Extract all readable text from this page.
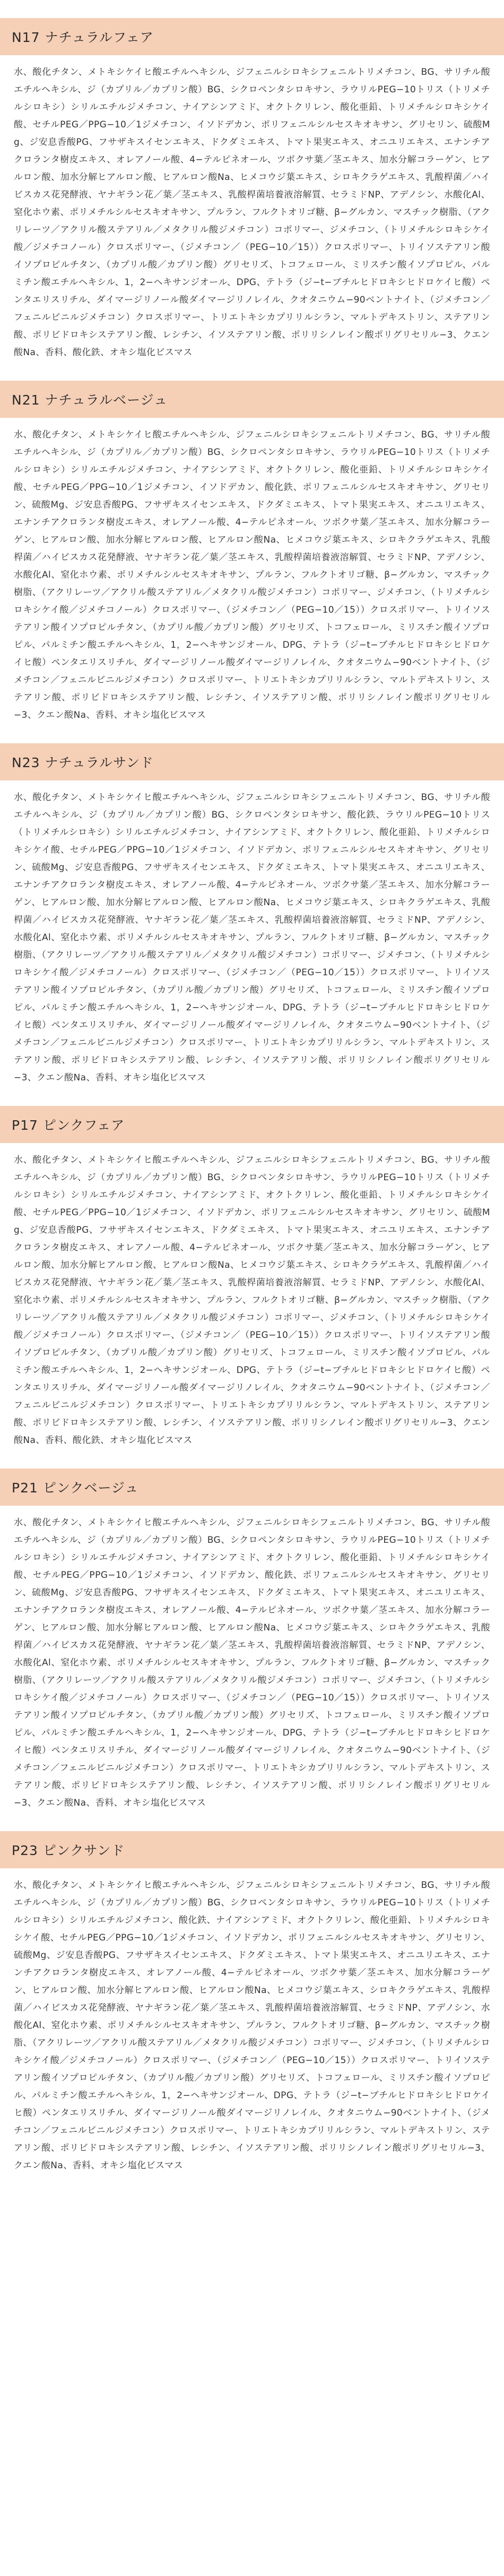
N17 ナチュラルフェア
水、酸化チタン、メトキシケイヒ酸エチルヘキシル、ジフェニルシロキシフェニルトリメチコン、BG、サリチル酸エチルヘキシル、ジ（カプリル／カプリン酸）BG、シクロペンタシロキサン、ラウリルPEG−10トリス（トリメチルシロキシ）シリルエチルジメチコン、ナイアシンアミド、オクトクリレン、酸化亜鉛、トリメチルシロキシケイ酸、セチルPEG／PPG−10／1ジメチコン、イソドデカン、ポリフェニルシルセスキオキサン、グリセリン、硫酸Mg、ジ安息香酸PG、フサザキスイセンエキス、ドクダミエキス、トマト果実エキス、オニユリエキス、エナンチアクロランタ樹皮エキス、オレアノール酸、4−テルピネオール、ツボクサ葉／茎エキス、加水分解コラーゲン、ヒアルロン酸、加水分解ヒアルロン酸、ヒアルロン酸Na、ヒメコウジ葉エキス、シロキクラゲエキス、乳酸桿菌／ハイビスカス花発酵液、ヤナギラン花／葉／茎エキス、乳酸桿菌培養液溶解質、セラミドNP、アデノシン、水酸化Al、窒化ホウ素、ポリメチルシルセスキオキサン、プルラン、フルクトオリゴ糖、β−グルカン、マスチック樹脂、（アクリレーツ／アクリル酸ステアリル／メタクリル酸ジメチコン）コポリマー、ジメチコン、（トリメチルシロキシケイ酸／ジメチコノール）クロスポリマー、（ジメチコン／（PEG−10／15））クロスポリマー、トリイソステアリン酸イソプロピルチタン、（カプリル酸／カプリン酸）グリセリズ、トコフェロール、ミリスチン酸イソプロピル、パルミチン酸エチルヘキシル、1，2−ヘキサンジオール、DPG、テトラ（ジ−t−ブチルヒドロキシヒドロケイヒ酸）ペンタエリスリチル、ダイマージリノール酸ダイマージリノレイル、クオタニウム−90ベントナイト、（ジメチコン／フェニルビニルジメチコン）クロスポリマー、トリエトキシカプリリルシラン、マルトデキストリン、ステアリン酸、ポリビドロキシステアリン酸、レシチン、イソステアリン酸、ポリリシノレイン酸ポリグリセリル−3、クエン酸Na、香料、酸化鉄、オキシ塩化ビスマス
N21 ナチュラルベージュ
水、酸化チタン、メトキシケイヒ酸エチルヘキシル、ジフェニルシロキシフェニルトリメチコン、BG、サリチル酸エチルヘキシル、ジ（カプリル／カプリン酸）BG、シクロペンタシロキサン、ラウリルPEG−10トリス（トリメチルシロキシ）シリルエチルジメチコン、ナイアシンアミド、オクトクリレン、酸化亜鉛、トリメチルシロキシケイ酸、セチルPEG／PPG−10／1ジメチコン、イソドデカン、酸化鉄、ポリフェニルシルセスキオキサン、グリセリン、硫酸Mg、ジ安息香酸PG、フサザキスイセンエキス、ドクダミエキス、トマト果実エキス、オニユリエキス、エナンチアクロランタ樹皮エキス、オレアノール酸、4−テルピネオール、ツボクサ葉／茎エキス、加水分解コラーゲン、ヒアルロン酸、加水分解ヒアルロン酸、ヒアルロン酸Na、ヒメコウジ葉エキス、シロキクラゲエキス、乳酸桿菌／ハイビスカス花発酵液、ヤナギラン花／葉／茎エキス、乳酸桿菌培養液溶解質、セラミドNP、アデノシン、水酸化Al、窒化ホウ素、ポリメチルシルセスキオキサン、プルラン、フルクトオリゴ糖、β−グルカン、マスチック樹脂、（アクリレーツ／アクリル酸ステアリル／メタクリル酸ジメチコン）コポリマー、ジメチコン、（トリメチルシロキシケイ酸／ジメチコノール）クロスポリマー、（ジメチコン／（PEG−10／15））クロスポリマー、トリイソステアリン酸イソプロピルチタン、（カプリル酸／カプリン酸）グリセリズ、トコフェロール、ミリスチン酸イソプロピル、パルミチン酸エチルヘキシル、1，2−ヘキサンジオール、DPG、テトラ（ジ−t−ブチルヒドロキシヒドロケイヒ酸）ペンタエリスリチル、ダイマージリノール酸ダイマージリノレイル、クオタニウム−90ベントナイト、（ジメチコン／フェニルビニルジメチコン）クロスポリマー、トリエトキシカプリリルシラン、マルトデキストリン、ステアリン酸、ポリビドロキシステアリン酸、レシチン、イソステアリン酸、ポリリシノレイン酸ポリグリセリル−3、クエン酸Na、香料、オキシ塩化ビスマス
N23 ナチュラルサンド
水、酸化チタン、メトキシケイヒ酸エチルヘキシル、ジフェニルシロキシフェニルトリメチコン、BG、サリチル酸エチルヘキシル、ジ（カプリル／カプリン酸）BG、シクロペンタシロキサン、酸化鉄、ラウリルPEG−10トリス（トリメチルシロキシ）シリルエチルジメチコン、ナイアシンアミド、オクトクリレン、酸化亜鉛、トリメチルシロキシケイ酸、セチルPEG／PPG−10／1ジメチコン、イソドデカン、ポリフェニルシルセスキオキサン、グリセリン、硫酸Mg、ジ安息香酸PG、フサザキスイセンエキス、ドクダミエキス、トマト果実エキス、オニユリエキス、エナンチアクロランタ樹皮エキス、オレアノール酸、4−テルピネオール、ツボクサ葉／茎エキス、加水分解コラーゲン、ヒアルロン酸、加水分解ヒアルロン酸、ヒアルロン酸Na、ヒメコウジ葉エキス、シロキクラゲエキス、乳酸桿菌／ハイビスカス花発酵液、ヤナギラン花／葉／茎エキス、乳酸桿菌培養液溶解質、セラミドNP、アデノシン、水酸化Al、窒化ホウ素、ポリメチルシルセスキオキサン、プルラン、フルクトオリゴ糖、β−グルカン、マスチック樹脂、（アクリレーツ／アクリル酸ステアリル／メタクリル酸ジメチコン）コポリマー、ジメチコン、（トリメチルシロキシケイ酸／ジメチコノール）クロスポリマー、（ジメチコン／（PEG−10／15））クロスポリマー、トリイソステアリン酸イソプロピルチタン、（カプリル酸／カプリン酸）グリセリズ、トコフェロール、ミリスチン酸イソプロピル、パルミチン酸エチルヘキシル、1，2−ヘキサンジオール、DPG、テトラ（ジ−t−ブチルヒドロキシヒドロケイヒ酸）ペンタエリスリチル、ダイマージリノール酸ダイマージリノレイル、クオタニウム−90ベントナイト、（ジメチコン／フェニルビニルジメチコン）クロスポリマー、トリエトキシカプリリルシラン、マルトデキストリン、ステアリン酸、ポリビドロキシステアリン酸、レシチン、イソステアリン酸、ポリリシノレイン酸ポリグリセリル−3、クエン酸Na、香料、オキシ塩化ビスマス
P17 ピンクフェア
水、酸化チタン、メトキシケイヒ酸エチルヘキシル、ジフェニルシロキシフェニルトリメチコン、BG、サリチル酸エチルヘキシル、ジ（カプリル／カプリン酸）BG、シクロペンタシロキサン、ラウリルPEG−10トリス（トリメチルシロキシ）シリルエチルジメチコン、ナイアシンアミド、オクトクリレン、酸化亜鉛、トリメチルシロキシケイ酸、セチルPEG／PPG−10／1ジメチコン、イソドデカン、ポリフェニルシルセスキオキサン、グリセリン、硫酸Mg、ジ安息香酸PG、フサザキスイセンエキス、ドクダミエキス、トマト果実エキス、オニユリエキス、エナンチアクロランタ樹皮エキス、オレアノール酸、4−テルピネオール、ツボクサ葉／茎エキス、加水分解コラーゲン、ヒアルロン酸、加水分解ヒアルロン酸、ヒアルロン酸Na、ヒメコウジ葉エキス、シロキクラゲエキス、乳酸桿菌／ハイビスカス花発酵液、ヤナギラン花／葉／茎エキス、乳酸桿菌培養液溶解質、セラミドNP、アデノシン、水酸化Al、窒化ホウ素、ポリメチルシルセスキオキサン、プルラン、フルクトオリゴ糖、β−グルカン、マスチック樹脂、（アクリレーツ／アクリル酸ステアリル／メタクリル酸ジメチコン）コポリマー、ジメチコン、（トリメチルシロキシケイ酸／ジメチコノール）クロスポリマー、（ジメチコン／（PEG−10／15））クロスポリマー、トリイソステアリン酸イソプロピルチタン、（カプリル酸／カプリン酸）グリセリズ、トコフェロール、ミリスチン酸イソプロピル、パルミチン酸エチルヘキシル、1，2−ヘキサンジオール、DPG、テトラ（ジ−t−ブチルヒドロキシヒドロケイヒ酸）ペンタエリスリチル、ダイマージリノール酸ダイマージリノレイル、クオタニウム−90ベントナイト、（ジメチコン／フェニルビニルジメチコン）クロスポリマー、トリエトキシカプリリルシラン、マルトデキストリン、ステアリン酸、ポリビドロキシステアリン酸、レシチン、イソステアリン酸、ポリリシノレイン酸ポリグリセリル−3、クエン酸Na、香料、酸化鉄、オキシ塩化ビスマス
P21 ピンクベージュ
水、酸化チタン、メトキシケイヒ酸エチルヘキシル、ジフェニルシロキシフェニルトリメチコン、BG、サリチル酸エチルヘキシル、ジ（カプリル／カプリン酸）BG、シクロペンタシロキサン、ラウリルPEG−10トリス（トリメチルシロキシ）シリルエチルジメチコン、ナイアシンアミド、オクトクリレン、酸化亜鉛、トリメチルシロキシケイ酸、セチルPEG／PPG−10／1ジメチコン、イソドデカン、酸化鉄、ポリフェニルシルセスキオキサン、グリセリン、硫酸Mg、ジ安息香酸PG、フサザキスイセンエキス、ドクダミエキス、トマト果実エキス、オニユリエキス、エナンチアクロランタ樹皮エキス、オレアノール酸、4−テルピネオール、ツボクサ葉／茎エキス、加水分解コラーゲン、ヒアルロン酸、加水分解ヒアルロン酸、ヒアルロン酸Na、ヒメコウジ葉エキス、シロキクラゲエキス、乳酸桿菌／ハイビスカス花発酵液、ヤナギラン花／葉／茎エキス、乳酸桿菌培養液溶解質、セラミドNP、アデノシン、水酸化Al、窒化ホウ素、ポリメチルシルセスキオキサン、プルラン、フルクトオリゴ糖、β−グルカン、マスチック樹脂、（アクリレーツ／アクリル酸ステアリル／メタクリル酸ジメチコン）コポリマー、ジメチコン、（トリメチルシロキシケイ酸／ジメチコノール）クロスポリマー、（ジメチコン／（PEG−10／15））クロスポリマー、トリイソステアリン酸イソプロピルチタン、（カプリル酸／カプリン酸）グリセリズ、トコフェロール、ミリスチン酸イソプロピル、パルミチン酸エチルヘキシル、1，2−ヘキサンジオール、DPG、テトラ（ジ−t−ブチルヒドロキシヒドロケイヒ酸）ペンタエリスリチル、ダイマージリノール酸ダイマージリノレイル、クオタニウム−90ベントナイト、（ジメチコン／フェニルビニルジメチコン）クロスポリマー、トリエトキシカプリリルシラン、マルトデキストリン、ステアリン酸、ポリビドロキシステアリン酸、レシチン、イソステアリン酸、ポリリシノレイン酸ポリグリセリル−3、クエン酸Na、香料、オキシ塩化ビスマス
P23 ピンクサンド
水、酸化チタン、メトキシケイヒ酸エチルヘキシル、ジフェニルシロキシフェニルトリメチコン、BG、サリチル酸エチルヘキシル、ジ（カプリル／カプリン酸）BG、シクロペンタシロキサン、ラウリルPEG−10トリス（トリメチルシロキシ）シリルエチルジメチコン、酸化鉄、ナイアシンアミド、オクトクリレン、酸化亜鉛、トリメチルシロキシケイ酸、セチルPEG／PPG−10／1ジメチコン、イソドデカン、ポリフェニルシルセスキオキサン、グリセリン、硫酸Mg、ジ安息香酸PG、フサザキスイセンエキス、ドクダミエキス、トマト果実エキス、オニユリエキス、エナンチアクロランタ樹皮エキス、オレアノール酸、4−テルピネオール、ツボクサ葉／茎エキス、加水分解コラーゲン、ヒアルロン酸、加水分解ヒアルロン酸、ヒアルロン酸Na、ヒメコウジ葉エキス、シロキクラゲエキス、乳酸桿菌／ハイビスカス花発酵液、ヤナギラン花／葉／茎エキス、乳酸桿菌培養液溶解質、セラミドNP、アデノシン、水酸化Al、窒化ホウ素、ポリメチルシルセスキオキサン、プルラン、フルクトオリゴ糖、β−グルカン、マスチック樹脂、（アクリレーツ／アクリル酸ステアリル／メタクリル酸ジメチコン）コポリマー、ジメチコン、（トリメチルシロキシケイ酸／ジメチコノール）クロスポリマー、（ジメチコン／（PEG−10／15））クロスポリマー、トリイソステアリン酸イソプロピルチタン、（カプリル酸／カプリン酸）グリセリズ、トコフェロール、ミリスチン酸イソプロピル、パルミチン酸エチルヘキシル、1，2−ヘキサンジオール、DPG、テトラ（ジ−t−ブチルヒドロキシヒドロケイヒ酸）ペンタエリスリチル、ダイマージリノール酸ダイマージリノレイル、クオタニウム−90ベントナイト、（ジメチコン／フェニルビニルジメチコン）クロスポリマー、トリエトキシカプリリルシラン、マルトデキストリン、ステアリン酸、ポリビドロキシステアリン酸、レシチン、イソステアリン酸、ポリリシノレイン酸ポリグリセリル−3、クエン酸Na、香料、オキシ塩化ビスマス
